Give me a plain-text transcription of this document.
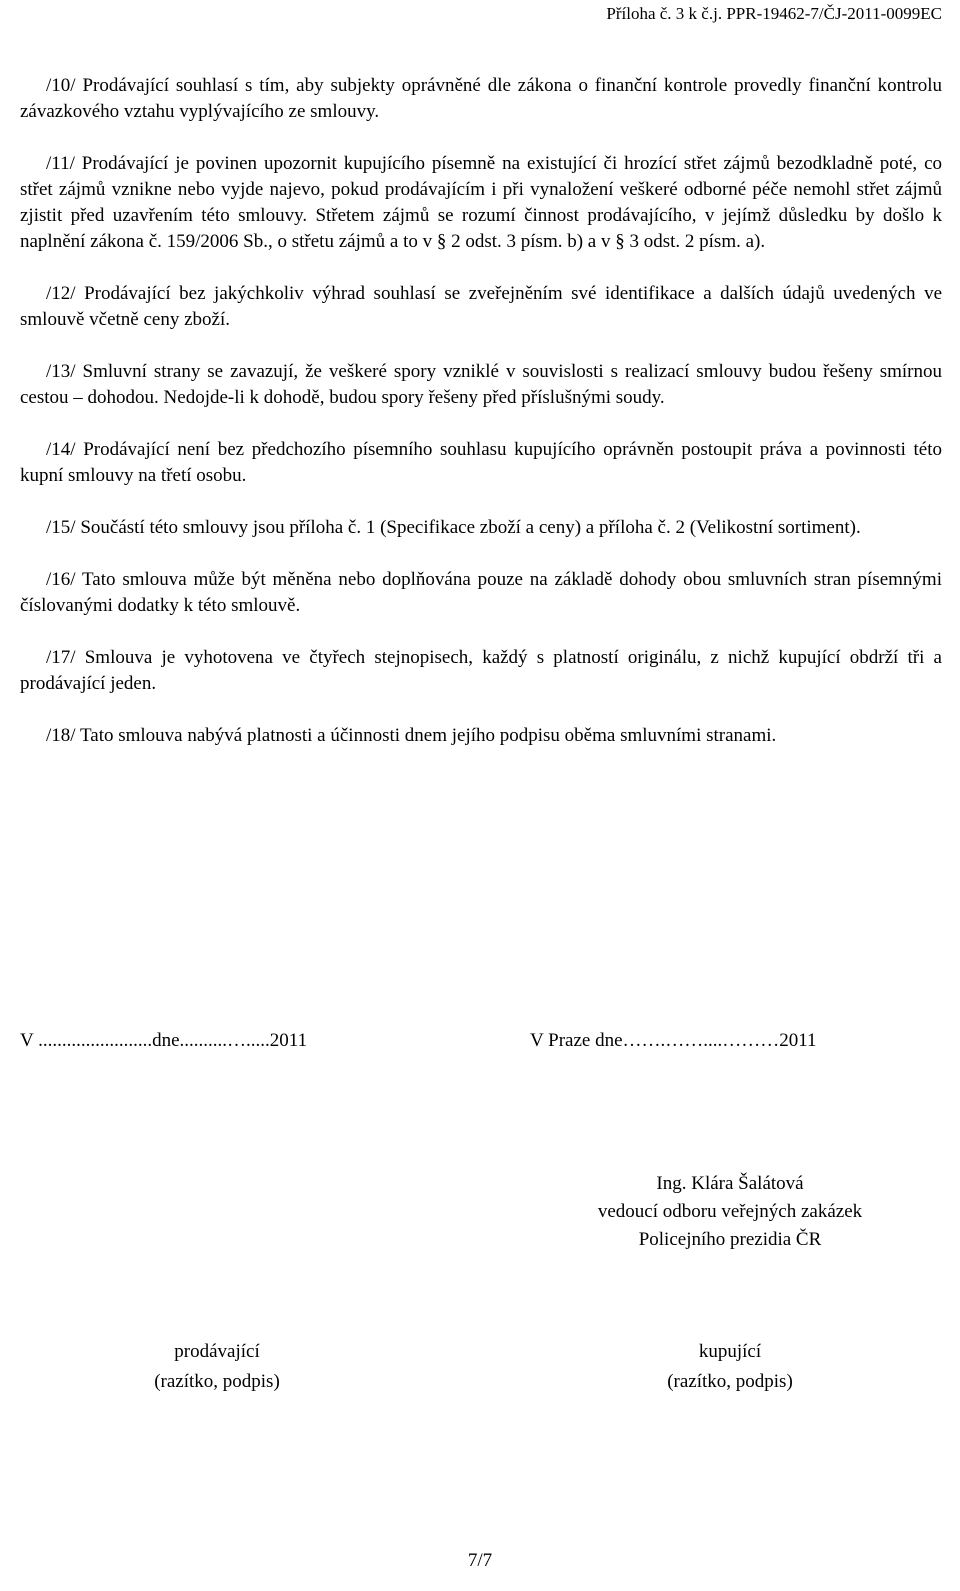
Příloha č. 3 k č.j. PPR-19462-7/ČJ-2011-0099EC

/10/ Prodávající souhlasí s tím, aby subjekty oprávněné dle zákona o finanční kontrole provedly finanční kontrolu závazkového vztahu vyplývajícího ze smlouvy.

/11/ Prodávající je povinen upozornit kupujícího písemně na existující či hrozící střet zájmů bezodkladně poté, co střet zájmů vznikne nebo vyjde najevo, pokud prodávajícím i při vynaložení veškeré odborné péče nemohl střet zájmů zjistit před uzavřením této smlouvy. Střetem zájmů se rozumí činnost prodávajícího, v jejímž důsledku by došlo k naplnění zákona č. 159/2006 Sb., o střetu zájmů a to v § 2 odst. 3 písm. b) a v § 3 odst. 2 písm. a).

/12/ Prodávající bez jakýchkoliv výhrad souhlasí se zveřejněním své identifikace a dalších údajů uvedených ve smlouvě včetně ceny zboží.

/13/ Smluvní strany se zavazují, že veškeré spory vzniklé v souvislosti s realizací smlouvy budou řešeny smírnou cestou – dohodou. Nedojde-li k dohodě, budou spory řešeny před příslušnými soudy.

/14/ Prodávající není bez předchozího písemního souhlasu kupujícího oprávněn postoupit práva a povinnosti této kupní smlouvy na třetí osobu.

/15/ Součástí této smlouvy jsou příloha č. 1 (Specifikace zboží a ceny) a příloha č. 2 (Velikostní sortiment).

/16/ Tato smlouva může být měněna nebo doplňována pouze na základě dohody obou smluvních stran písemnými číslovanými dodatky k této smlouvě.

/17/ Smlouva je vyhotovena ve čtyřech stejnopisech, každý s platností originálu, z nichž kupující obdrží tři a prodávající jeden.

/18/ Tato smlouva nabývá platnosti a účinnosti dnem jejího podpisu oběma smluvními stranami.

V ........................dne..........….....2011	V Praze dne…….……....………2011
Ing. Klára Šalátová
vedoucí odboru veřejných zakázek
Policejního prezidia ČR
prodávající
(razítko, podpis)
kupující
(razítko, podpis)
7/7
